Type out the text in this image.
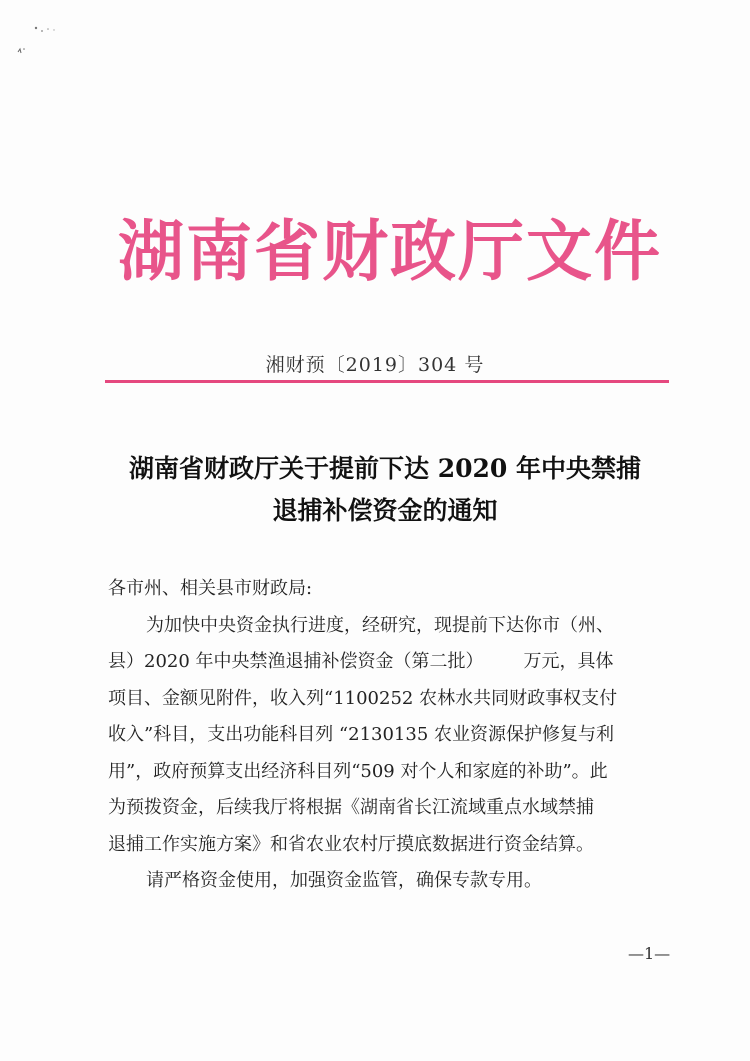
湖南省财政厅文件
湘财预〔2019〕304 号
湖南省财政厅关于提前下达 2020 年中央禁捕
退捕补偿资金的通知

各市州、相关县市财政局:

为加快中央资金执行进度，经研究，现提前下达你市（州、

县）2020 年中央禁渔退捕补偿资金（第二批） 万元，具体

项目、金额见附件，收入列“1100252 农林水共同财政事权支付

收入”科目，支出功能科目列 “2130135 农业资源保护修复与利

用”，政府预算支出经济科目列“509 对个人和家庭的补助”。此

为预拨资金，后续我厅将根据《湖南省长江流域重点水域禁捕

退捕工作实施方案》和省农业农村厅摸底数据进行资金结算。

请严格资金使用，加强资金监管，确保专款专用。

—1—
